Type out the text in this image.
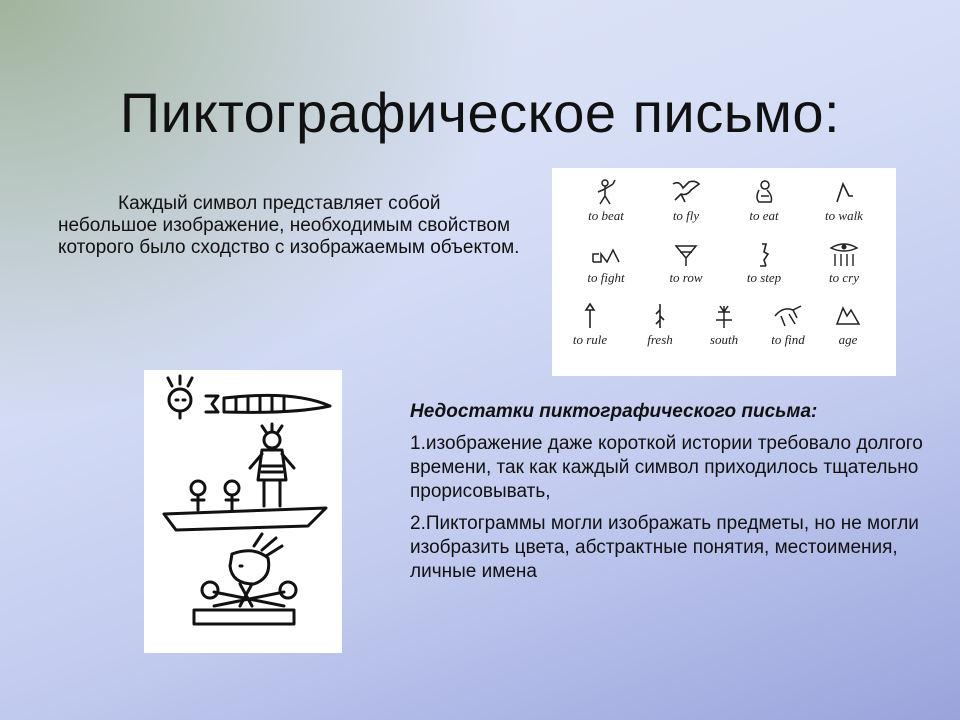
Пиктографическое письмо:
Каждый символ представляет собой небольшое изображение, необходимым свойством которого было сходство с изображаемым объектом.
to beat	to fly	to eat	to walk
to fight	to row	to step	to cry
to rule	fresh	south	to find	age
Недостатки пиктографического письма:
1.изображение даже короткой истории требовало долгого времени, так как каждый символ приходилось тщательно прорисовывать,
2.Пиктограммы могли изображать предметы, но не могли изобразить цвета, абстрактные понятия, местоимения, личные имена
